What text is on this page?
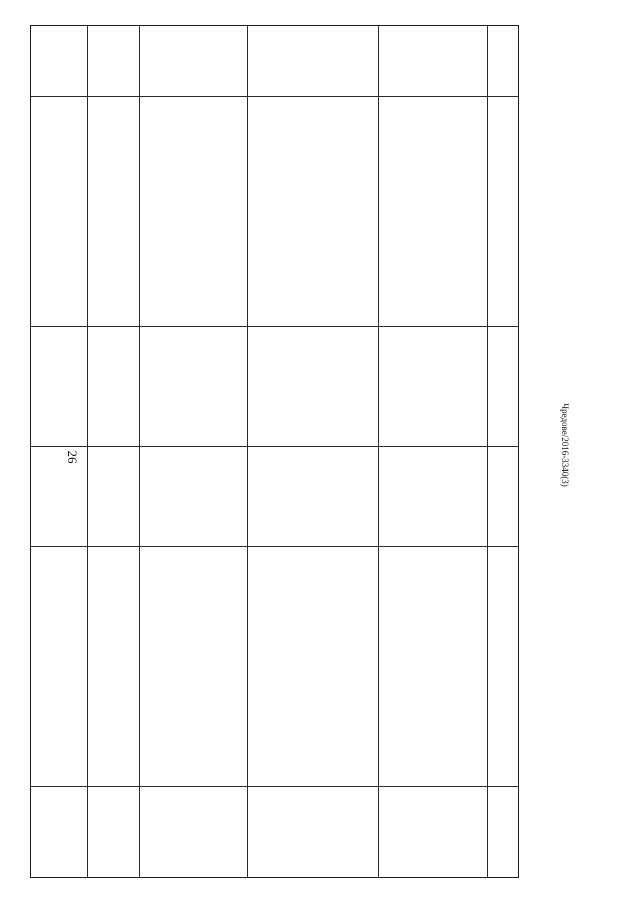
26	Чредове/2016-3340(3)
